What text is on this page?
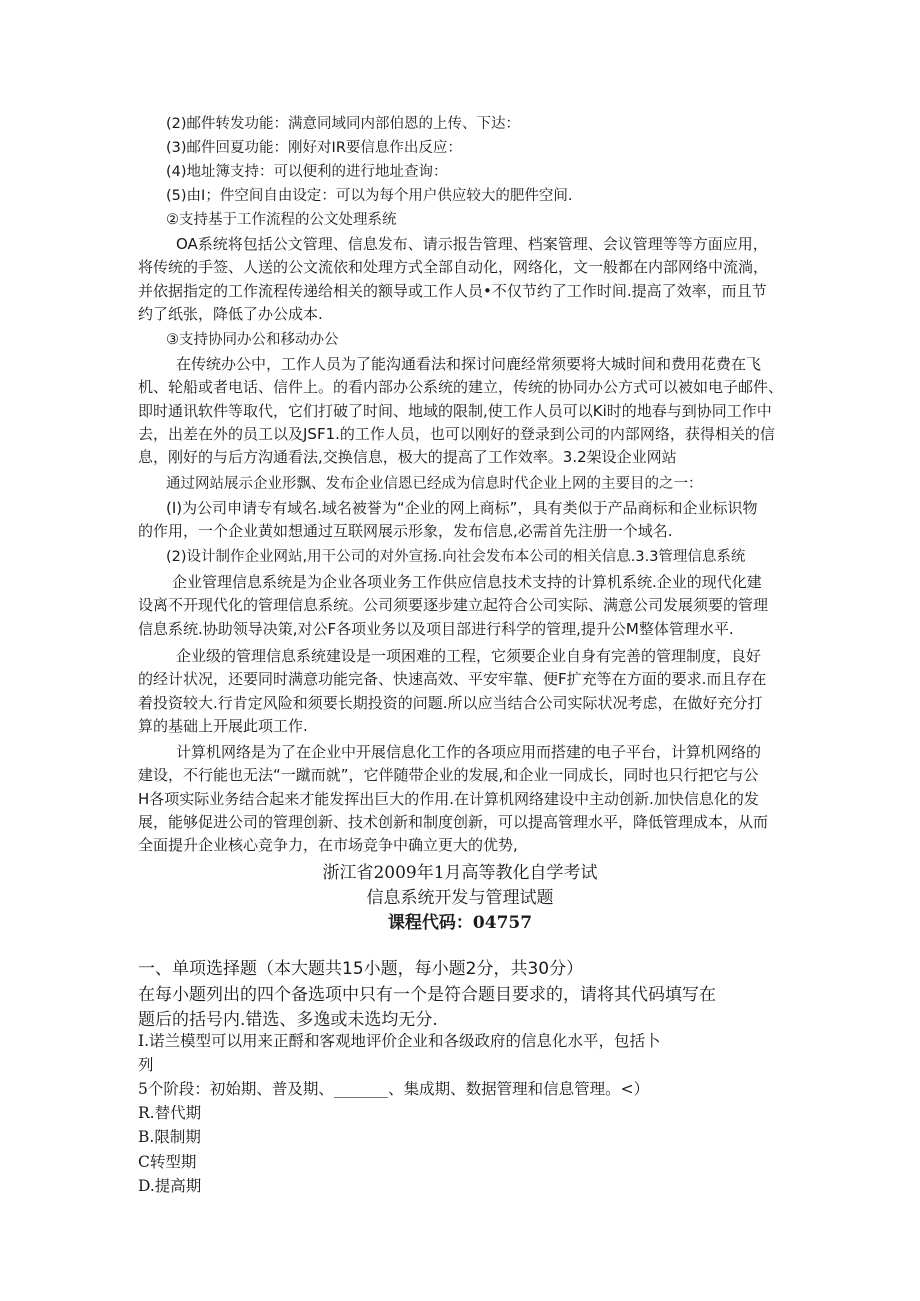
(2)邮件转发功能：满意同域同内部伯恩的上传、下达：

(3)邮件回夏功能：刚好对IR要信息作出反应：

(4)地址簿支持：可以便利的进行地址查询：

(5)由I；件空间自由设定：可以为每个用户供应较大的肥件空间.

②支持基于工作流程的公文处理系统

OA系统将包括公文管理、信息发布、请示报告管理、档案管理、会议管理等等方面应用，
将传统的手签、人送的公文流依和处理方式全部自动化，网络化，文一般都在内部网络中流淌，
并依据指定的工作流程传递给相关的额导或工作人员•不仅节约了工作时间.提高了效率，而且节
约了纸张，降低了办公成本.

③支持协同办公和移动办公

在传统办公中，工作人员为了能沟通看法和探讨问鹿经常须要将大城时间和费用花费在飞
机、轮船或者电话、信件上。的看内部办公系统的建立，传统的协同办公方式可以被如电子邮件、
即时通讯软件等取代，它们打破了时间、地域的限制,使工作人员可以Ki时的地春与到协同工作中
去，出差在外的员工以及JSF1.的工作人员，也可以刚好的登录到公司的内部网络，获得相关的信
息，刚好的与后方沟通看法,交换信息，极大的提高了工作效率。3.2架设企业网站

通过网站展示企业形飘、发布企业信恩已经成为信息时代企业上网的主要目的之一：

(I)为公司申请专有域名.域名被誉为“企业的网上商标”，具有类似于产品商标和企业标识物
的作用，一个企业黄如想通过互联网展示形象，发布信息,必需首先注册一个域名.

(2)设计制作企业网站,用干公司的对外宣扬.向社会发布本公司的相关信息.3.3管理信息系统

企业管理信息系统是为企业各项业务工作供应信息技术支持的计算机系统.企业的现代化建
设离不开现代化的管理信息系统。公司须要逐步建立起符合公司实际、满意公司发展须要的管理
信息系统.协助领导决策,对公F各项业务以及项目部进行科学的管理,提升公M整体管理水平.
企业级的管理信息系统建设是一项困难的工程，它须要企业自身有完善的管理制度，良好
的经计状况，还要同时满意功能完备、快速高效、平安牢靠、便F扩充等在方面的要求.而且存在
着投资较大.行肯定风险和须要长期投资的问题.所以应当结合公司实际状况考虑，在做好充分打
算的基础上开展此项工作.
计算机网络是为了在企业中开展信息化工作的各项应用而搭建的电子平台，计算机网络的
建设，不行能也无法“一蹴而就”，它伴随带企业的发展,和企业一同成长，同时也只行把它与公
H各项实际业务结合起来才能发挥出巨大的作用.在计算机网络建设中主动创新.加快信息化的发
展，能够促进公司的管理创新、技术创新和制度创新，可以提高管理水平，降低管理成本，从而
全面提升企业核心竞争力，在市场竞争中确立更大的优势,

浙江省2009年1月高等教化自学考试

信息系统开发与管理试题

课程代码：04757

一、单项选择题（本大题共15小题，每小题2分，共30分）

在每小题列出的四个备选项中只有一个是符合题目要求的，请将其代码填写在
题后的括号内.错选、多逸或未选均无分.

I.诺兰模型可以用来正酹和客观地评价企业和各级政府的信息化水平，包括卜

列

5个阶段：初始期、普及期、_______、集成期、数据管理和信息管理。<）

R.替代期

B.限制期

C转型期

D.提高期
